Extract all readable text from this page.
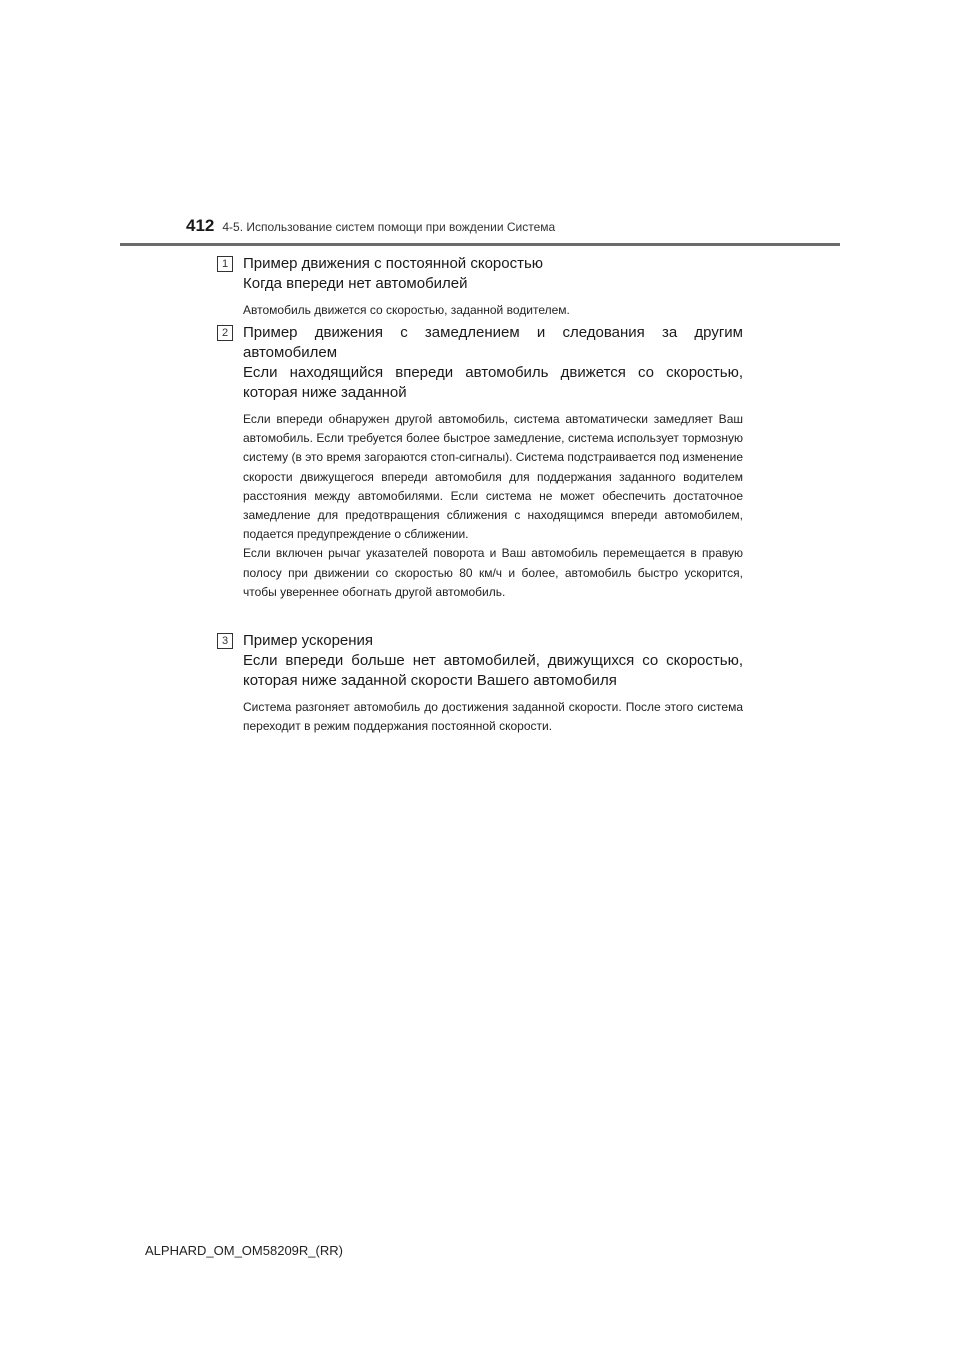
412 4-5. Использование систем помощи при вождении Система
1 Пример движения с постоянной скоростью
Когда впереди нет автомобилей

Автомобиль движется со скоростью, заданной водителем.

2 Пример движения с замедлением и следования за другим автомобилем
Если находящийся впереди автомобиль движется со скоростью, которая ниже заданной

Если впереди обнаружен другой автомобиль, система автоматически замедляет Ваш автомобиль. Если требуется более быстрое замедление, система использует тормозную систему (в это время загораются стоп-сигналы). Система подстраивается под изменение скорости движущегося впереди автомобиля для поддержания заданного водителем расстояния между автомобилями. Если система не может обеспечить достаточное замедление для предотвращения сближения с находящимся впереди автомобилем, подается предупреждение о сближении.

Если включен рычаг указателей поворота и Ваш автомобиль перемещается в правую полосу при движении со скоростью 80 км/ч и более, автомобиль быстро ускорится, чтобы увереннее обогнать другой автомобиль.

3 Пример ускорения
Если впереди больше нет автомобилей, движущихся со скоростью, которая ниже заданной скорости Вашего автомобиля

Система разгоняет автомобиль до достижения заданной скорости. После этого система переходит в режим поддержания постоянной скорости.

ALPHARD_OM_OM58209R_(RR)
